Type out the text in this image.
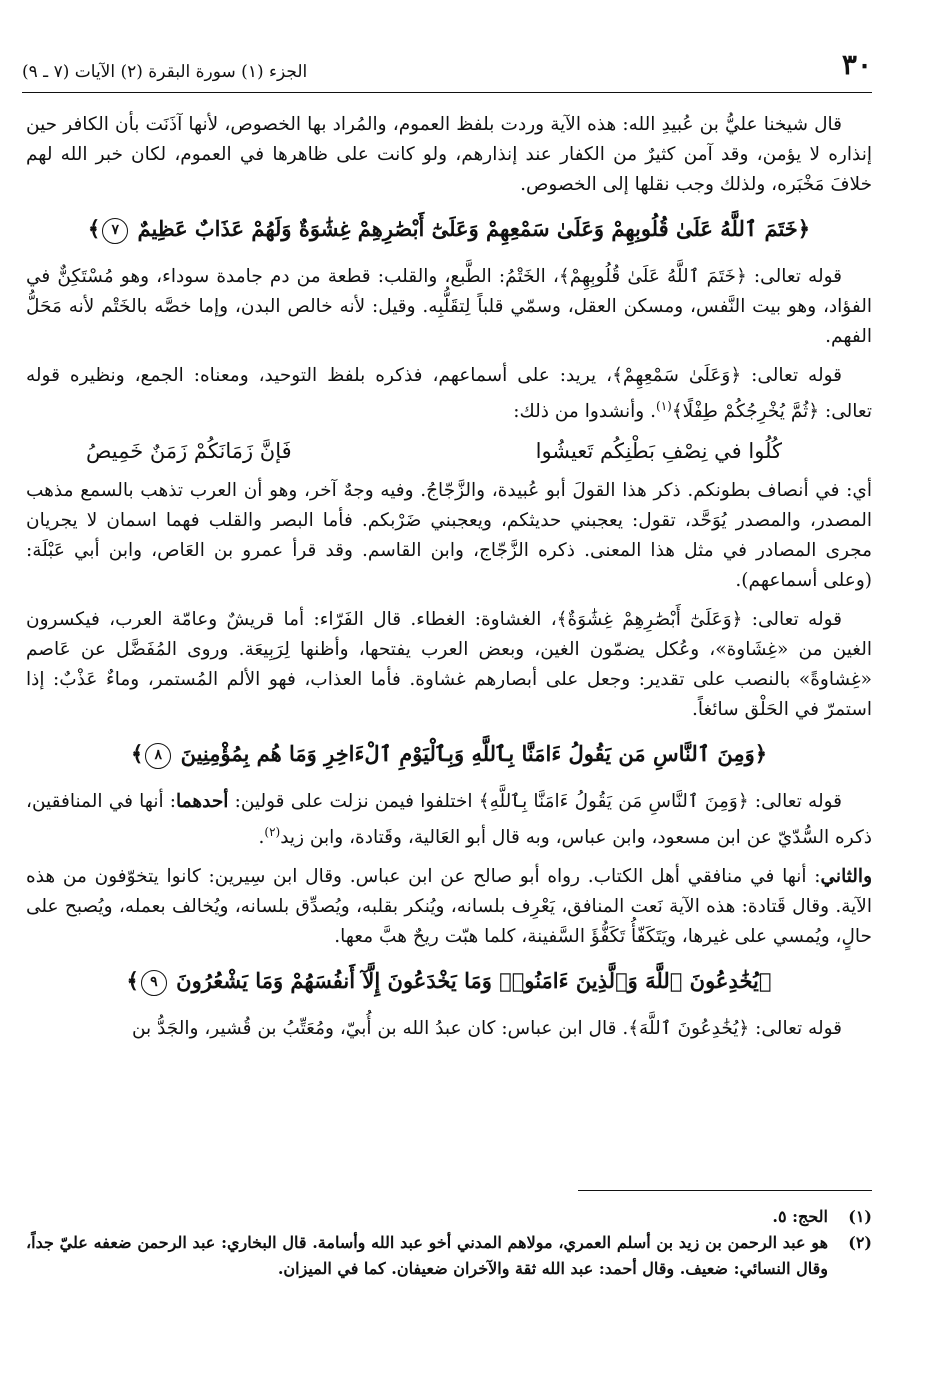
٣٠
الجزء (١) سورة البقرة (٢) الآيات (٧ ـ ٩)

قال شيخنا عليُّ بن عُبيدِ الله: هذه الآية وردت بلفظ العموم، والمُراد بها الخصوص، لأنها آذَنَت بأن الكافر حين إنذاره لا يؤمن، وقد آمن كثيرٌ من الكفار عند إنذارهم، ولو كانت على ظاهرها في العموم، لكان خبر الله لهم خلافَ مَخْبَره، ولذلك وجب نقلها إلى الخصوص.

﴿خَتَمَ ٱللَّهُ عَلَىٰ قُلُوبِهِمْ وَعَلَىٰ سَمْعِهِمْ وَعَلَىٰٓ أَبْصَٰرِهِمْ غِشَٰوَةٌ وَلَهُمْ عَذَابٌ عَظِيمٌ ٧﴾

قوله تعالى: ﴿خَتَمَ ٱللَّهُ عَلَىٰ قُلُوبِهِمْ﴾، الخَتْمُ: الطَّبع، والقلب: قطعة من دم جامدة سوداء، وهو مُسْتَكِنٌّ في الفؤاد، وهو بيت النَّفس، ومسكن العقل، وسمّي قلباً لِتقَلُّبِه. وقيل: لأنه خالص البدن، وإما خصَّه بالخَتْم لأنه مَحَلُّ الفهم.

قوله تعالى: ﴿وَعَلَىٰ سَمْعِهِمْ﴾، يريد: على أسماعهم، فذكره بلفظ التوحيد، ومعناه: الجمع، ونظيره قوله تعالى: ﴿ثُمَّ يُخْرِجُكُمْ طِفْلًا﴾$^{(١)}$. وأنشدوا من ذلك:

كُلُوا في نِصْفِ بَطْنِكُم تَعيشُوا
فَإنَّ زَمَانَكُمْ زَمَنٌ خَمِيصُ

أي: في أنصاف بطونكم. ذكر هذا القولَ أبو عُبيدة، والزَّجّاجُ. وفيه وجهٌ آخر، وهو أن العرب تذهب بالسمع مذهب المصدر، والمصدر يُوَحَّد، تقول: يعجبني حديثكم، ويعجبني ضَرْبكم. فأما البصر والقلب فهما اسمان لا يجريان مجرى المصادر في مثل هذا المعنى. ذكره الزَّجّاج، وابن القاسم. وقد قرأ عمرو بن العَاص، وابن أبي عَبْلَة: (وعلى أسماعهم).

قوله تعالى: ﴿وَعَلَىٰٓ أَبْصَٰرِهِمْ غِشَٰوَةٌ﴾، الغشاوة: الغطاء. قال الفَرّاء: أما قريشٌ وعامّة العرب، فيكسرون الغين من «غِشَاوة»، وعُكل يضمّون الغين، وبعض العرب يفتحها، وأظنها لِرَبِيعَة. وروى المُفَضَّل عن عَاصم «غِشاوةً» بالنصب على تقدير: وجعل على أبصارهم غشاوة. فأما العذاب، فهو الألم المُستمر، وماءٌ عَذْبٌ: إذا استمرّ في الحَلْق سائغاً.

﴿وَمِنَ ٱلنَّاسِ مَن يَقُولُ ءَامَنَّا بِٱللَّهِ وَبِٱلْيَوْمِ ٱلْءَاخِرِ وَمَا هُم بِمُؤْمِنِينَ ٨﴾

قوله تعالى: ﴿وَمِنَ ٱلنَّاسِ مَن يَقُولُ ءَامَنَّا بِٱللَّهِ﴾ اختلفوا فيمن نزلت على قولين: أحدهما: أنها في المنافقين، ذكره السُّدّيّ عن ابن مسعود، وابن عباس، وبه قال أبو العَالية، وقَتادة، وابن زيد$^{(٢)}$.

والثاني: أنها في منافقي أهل الكتاب. رواه أبو صالح عن ابن عباس. وقال ابن سِيرين: كانوا يتخوّفون من هذه الآية. وقال قَتادة: هذه الآية نَعت المنافق، يَعْرِف بلسانه، ويُنكر بقلبه، ويُصدِّق بلسانه، ويُخالف بعمله، ويُصبح على حالٍ، ويُمسي على غيرها، ويَتَكَفّأُ تَكَفُّؤَ السَّفينة، كلما هبّت ريحٌ هبَّ معها.

﴿يُخَٰدِعُونَ ٱللَّهَ وَٱلَّذِينَ ءَامَنُوا۟ وَمَا يَخْدَعُونَ إِلَّآ أَنفُسَهُمْ وَمَا يَشْعُرُونَ ٩﴾

قوله تعالى: ﴿يُخَٰدِعُونَ ٱللَّهَ﴾. قال ابن عباس: كان عبدُ الله بن أُبيّ، ومُعَتِّبُ بن قُشير، والجَدُّ بن

(١)
الحج: ٥.
(٢)
هو عبد الرحمن بن زيد بن أسلم العمري، مولاهم المدني أخو عبد الله وأسامة. قال البخاري: عبد الرحمن ضعفه عليّ جداً، وقال النسائي: ضعيف. وقال أحمد: عبد الله ثقة والآخران ضعيفان. كما في الميزان.
